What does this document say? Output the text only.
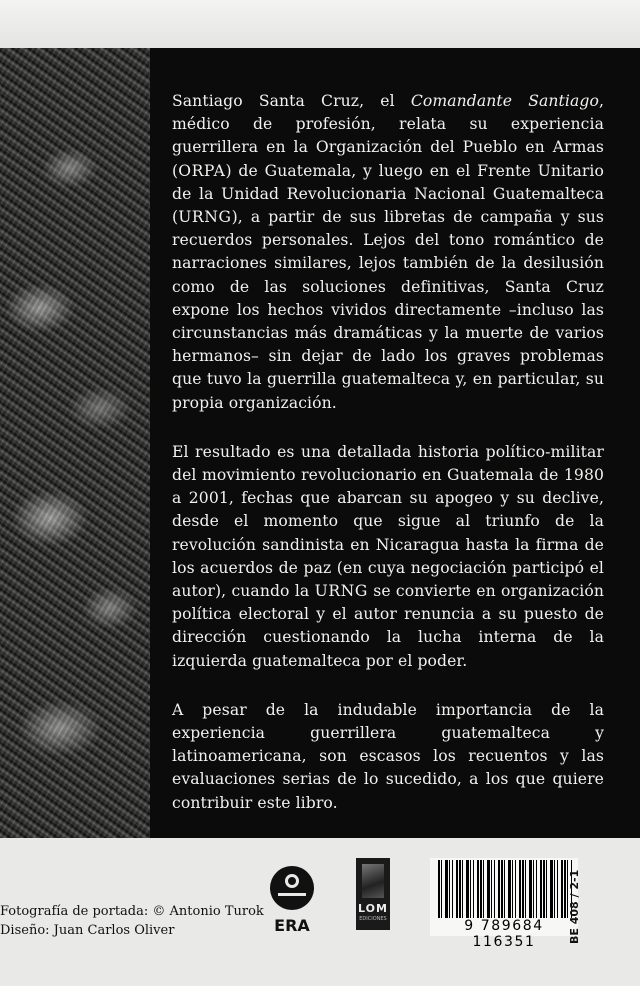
Santiago Santa Cruz, el Comandante Santiago, médico de profesión, relata su experiencia guerrillera en la Organización del Pueblo en Armas (ORPA) de Guatemala, y luego en el Frente Unitario de la Unidad Revolucionaria Nacional Guatemalteca (URNG), a partir de sus libretas de campaña y sus recuerdos personales. Lejos del tono romántico de narraciones similares, lejos también de la desilusión como de las soluciones definitivas, Santa Cruz expone los hechos vividos directamente –incluso las circunstancias más dramáticas y la muerte de varios hermanos– sin dejar de lado los graves problemas que tuvo la guerrilla guatemalteca y, en particular, su propia organización.

El resultado es una detallada historia político-militar del movimiento revolucionario en Guatemala de 1980 a 2001, fechas que abarcan su apogeo y su declive, desde el momento que sigue al triunfo de la revolución sandinista en Nicaragua hasta la firma de los acuerdos de paz (en cuya negociación participó el autor), cuando la URNG se convierte en organización política electoral y el autor renuncia a su puesto de dirección cuestionando la lucha interna de la izquierda guatemalteca por el poder.

A pesar de la indudable importancia de la experiencia guerrillera guatemalteca y latinoamericana, son escasos los recuentos y las evaluaciones serias de lo sucedido, a los que quiere contribuir este libro.

Fotografía de portada: © Antonio Turok
Diseño: Juan Carlos Oliver	ERA
LOM
EDICIONES	9 789684 116351	BE 408 / 2-1
